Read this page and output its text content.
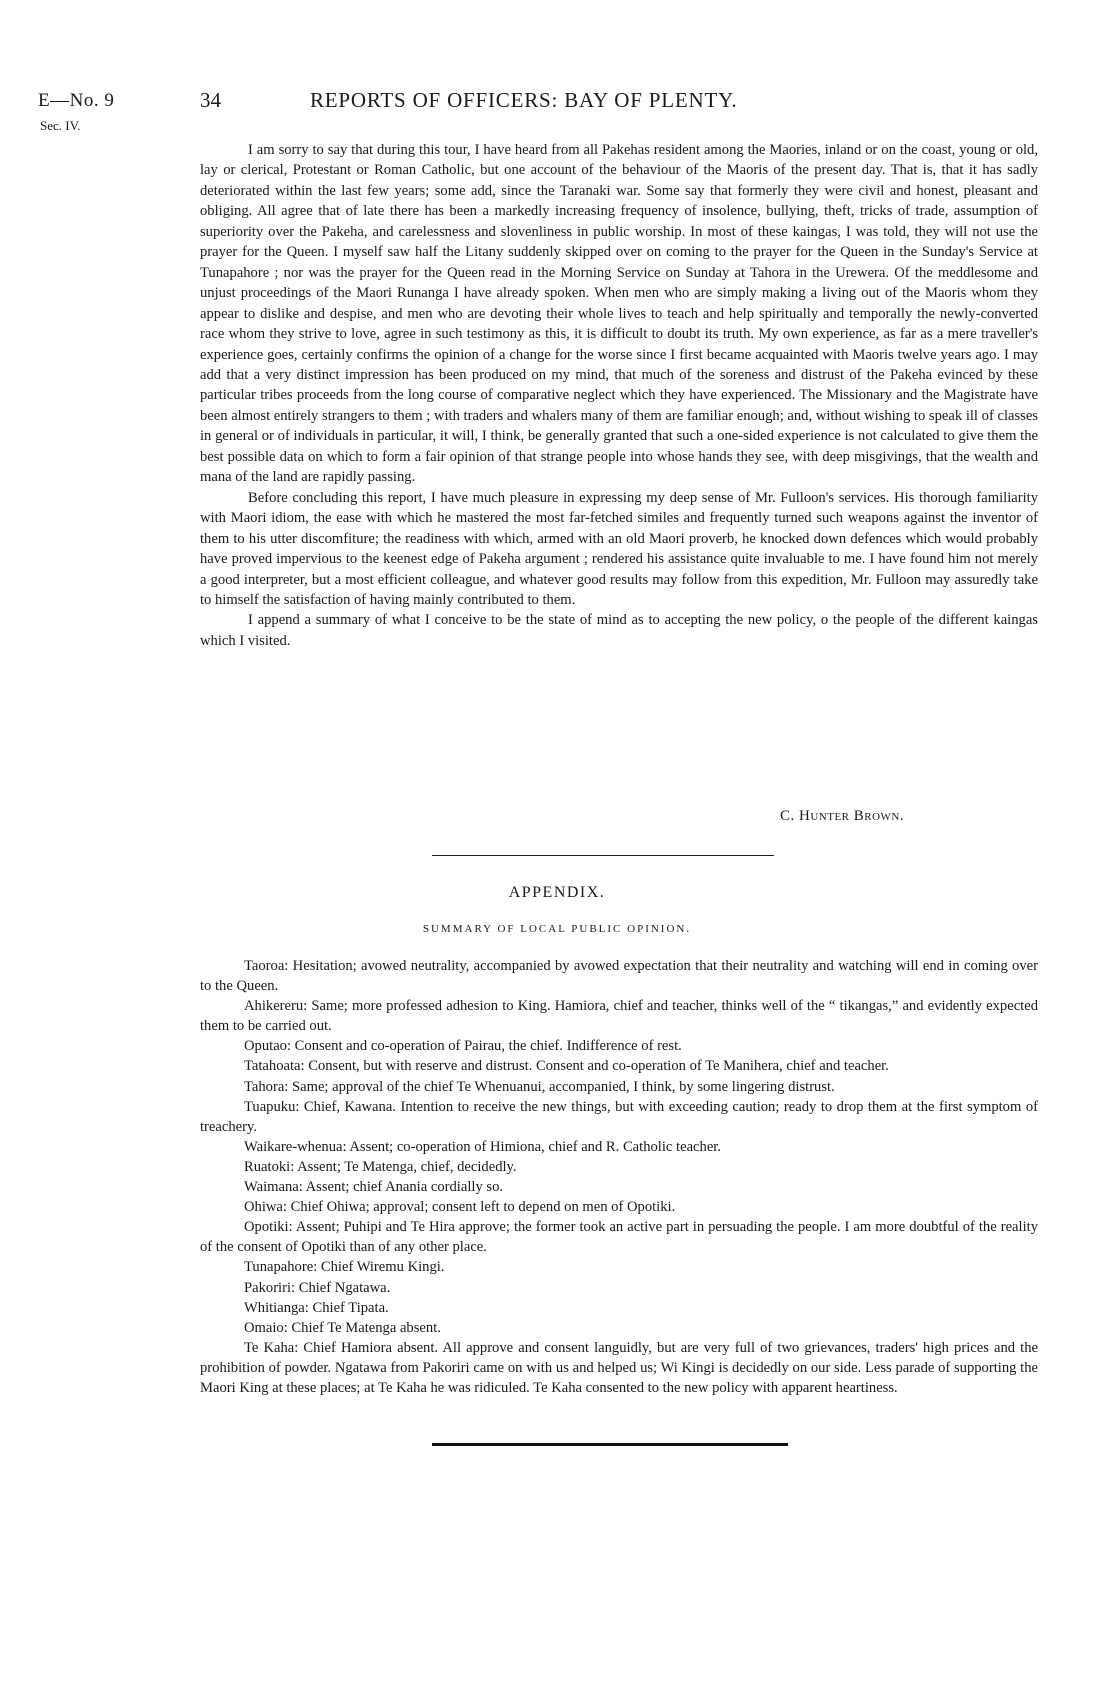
E—No. 9
Sec. IV.
34	REPORTS OF OFFICERS: BAY OF PLENTY.

I am sorry to say that during this tour, I have heard from all Pakehas resident among the Maories, inland or on the coast, young or old, lay or clerical, Protestant or Roman Catholic, but one account of the behaviour of the Maoris of the present day. That is, that it has sadly deteriorated within the last few years; some add, since the Taranaki war. Some say that formerly they were civil and honest, pleasant and obliging. All agree that of late there has been a markedly increasing frequency of insolence, bullying, theft, tricks of trade, assumption of superiority over the Pakeha, and carelessness and slovenliness in public worship. In most of these kaingas, I was told, they will not use the prayer for the Queen. I myself saw half the Litany suddenly skipped over on coming to the prayer for the Queen in the Sunday's Service at Tunapahore ; nor was the prayer for the Queen read in the Morning Service on Sunday at Tahora in the Urewera. Of the meddlesome and unjust proceedings of the Maori Runanga I have already spoken. When men who are simply making a living out of the Maoris whom they appear to dislike and despise, and men who are devoting their whole lives to teach and help spiritually and temporally the newly-converted race whom they strive to love, agree in such testimony as this, it is difficult to doubt its truth. My own experience, as far as a mere traveller's experience goes, certainly confirms the opinion of a change for the worse since I first became acquainted with Maoris twelve years ago. I may add that a very distinct impression has been produced on my mind, that much of the soreness and distrust of the Pakeha evinced by these particular tribes proceeds from the long course of comparative neglect which they have experienced. The Missionary and the Magistrate have been almost entirely strangers to them ; with traders and whalers many of them are familiar enough; and, without wishing to speak ill of classes in general or of individuals in particular, it will, I think, be generally granted that such a one-sided experience is not calculated to give them the best possible data on which to form a fair opinion of that strange people into whose hands they see, with deep misgivings, that the wealth and mana of the land are rapidly passing.

Before concluding this report, I have much pleasure in expressing my deep sense of Mr. Fulloon's services. His thorough familiarity with Maori idiom, the ease with which he mastered the most far-fetched similes and frequently turned such weapons against the inventor of them to his utter discomfiture; the readiness with which, armed with an old Maori proverb, he knocked down defences which would probably have proved impervious to the keenest edge of Pakeha argument ; rendered his assistance quite invaluable to me. I have found him not merely a good interpreter, but a most efficient colleague, and whatever good results may follow from this expedition, Mr. Fulloon may assuredly take to himself the satisfaction of having mainly contributed to them.

I append a summary of what I conceive to be the state of mind as to accepting the new policy, o the people of the different kaingas which I visited.

C. Hunter Brown.
APPENDIX.
SUMMARY OF LOCAL PUBLIC OPINION.

Taoroa: Hesitation; avowed neutrality, accompanied by avowed expectation that their neutrality and watching will end in coming over to the Queen.

Ahikereru: Same; more professed adhesion to King. Hamiora, chief and teacher, thinks well of the “ tikangas,” and evidently expected them to be carried out.

Oputao: Consent and co-operation of Pairau, the chief. Indifference of rest.

Tatahoata: Consent, but with reserve and distrust. Consent and co-operation of Te Manihera, chief and teacher.

Tahora: Same; approval of the chief Te Whenuanui, accompanied, I think, by some lingering distrust.

Tuapuku: Chief, Kawana. Intention to receive the new things, but with exceeding caution; ready to drop them at the first symptom of treachery.

Waikare-whenua: Assent; co-operation of Himiona, chief and R. Catholic teacher.

Ruatoki: Assent; Te Matenga, chief, decidedly.

Waimana: Assent; chief Anania cordially so.

Ohiwa: Chief Ohiwa; approval; consent left to depend on men of Opotiki.

Opotiki: Assent; Puhipi and Te Hira approve; the former took an active part in persuading the people. I am more doubtful of the reality of the consent of Opotiki than of any other place.

Tunapahore: Chief Wiremu Kingi.

Pakoriri: Chief Ngatawa.

Whitianga: Chief Tipata.

Omaio: Chief Te Matenga absent.

Te Kaha: Chief Hamiora absent. All approve and consent languidly, but are very full of two grievances, traders' high prices and the prohibition of powder. Ngatawa from Pakoriri came on with us and helped us; Wi Kingi is decidedly on our side. Less parade of supporting the Maori King at these places; at Te Kaha he was ridiculed. Te Kaha consented to the new policy with apparent heartiness.
